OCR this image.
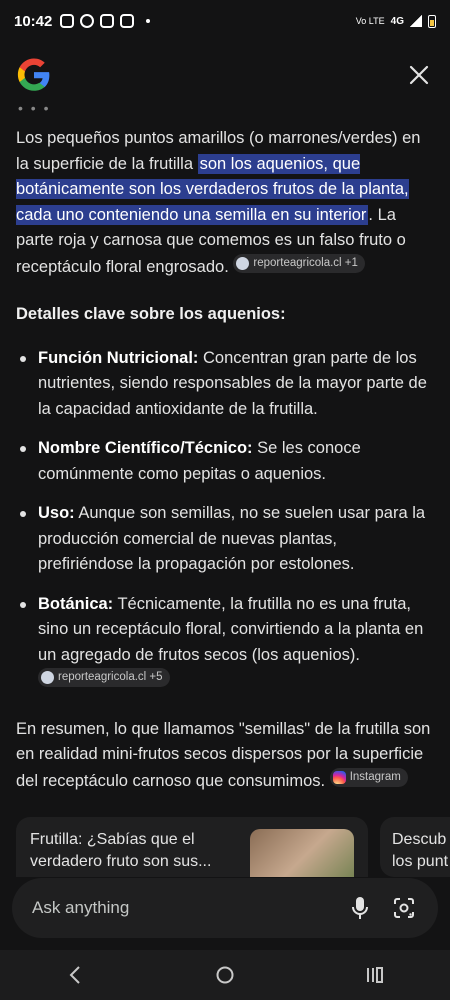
10:42	Vo LTE 4G
• • •

Los pequeños puntos amarillos (o marrones/verdes) en la superficie de la frutilla son los aquenios, que botánicamente son los verdaderos frutos de la planta, cada uno conteniendo una semilla en su interior . La parte roja y carnosa que comemos es un falso fruto o receptáculo floral engrosado. reporteagricola.cl +1

Detalles clave sobre los aquenios:
Función Nutricional: Concentran gran parte de los nutrientes, siendo responsables de la mayor parte de la capacidad antioxidante de la frutilla.
Nombre Científico/Técnico: Se les conoce comúnmente como pepitas o aquenios.
Uso: Aunque son semillas, no se suelen usar para la producción comercial de nuevas plantas, prefiriéndose la propagación por estolones.
Botánica: Técnicamente, la frutilla no es una fruta, sino un receptáculo floral, convirtiendo a la planta en un agregado de frutos secos (los aquenios).
reporteagricola.cl +5

En resumen, lo que llamamos "semillas" de la frutilla son en realidad mini-frutos secos dispersos por la superficie del receptáculo carnoso que consumimos. Instagram

Frutilla: ¿Sabías que el verdadero fruto son sus...
Descub los punt
Ask anything
